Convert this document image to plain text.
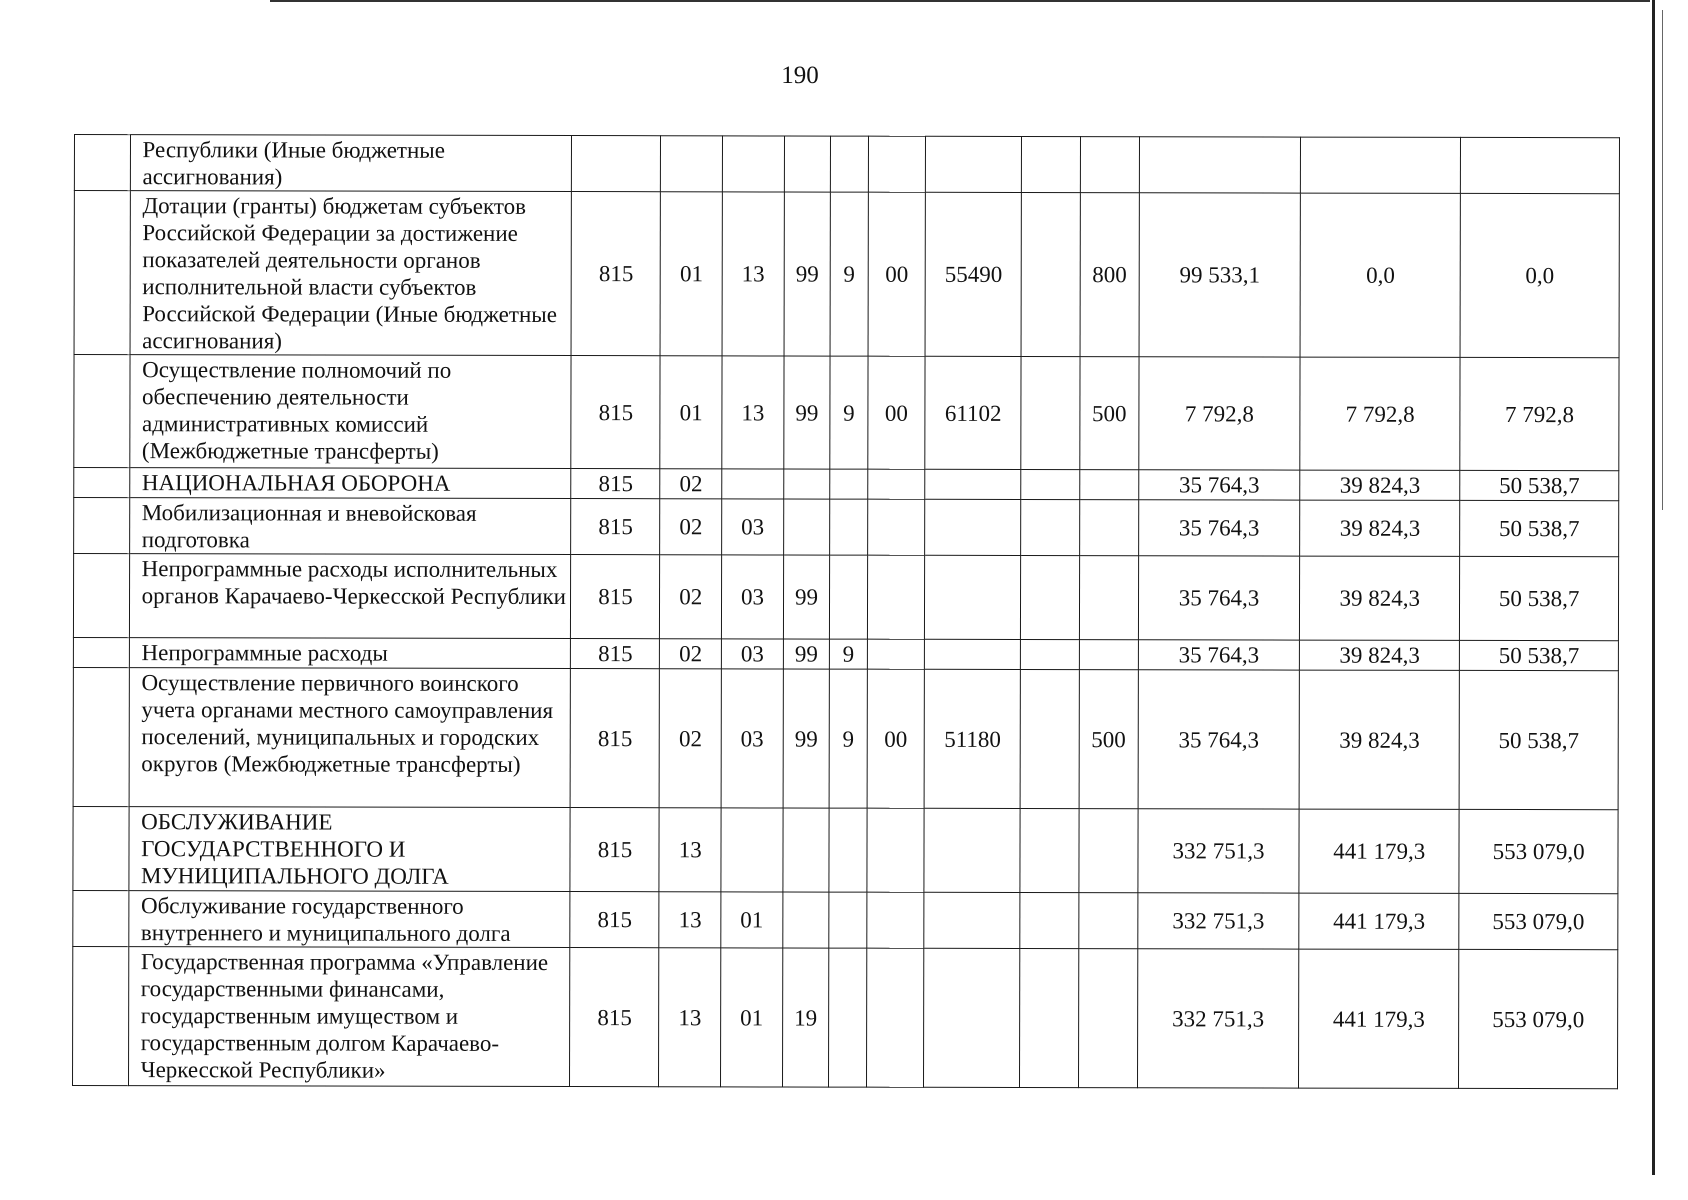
190
	Республики (Иные бюджетные ассигнования)												
	Дотации (гранты) бюджетам субъектов Российской Федерации за достижение показателей деятельности органов исполнительной власти субъектов Российской Федерации (Иные бюджетные ассигнования)	815	01	13	99	9	00	55490		800	99 533,1	0,0	0,0
	Осуществление полномочий по обеспечению деятельности административных комиссий (Межбюджетные трансферты)	815	01	13	99	9	00	61102		500	7 792,8	7 792,8	7 792,8
	НАЦИОНАЛЬНАЯ ОБОРОНА	815	02								35 764,3	39 824,3	50 538,7
	Мобилизационная и вневойсковая подготовка	815	02	03							35 764,3	39 824,3	50 538,7
	Непрограммные расходы исполнительных органов Карачаево-Черкесской Республики	815	02	03	99						35 764,3	39 824,3	50 538,7
	Непрограммные расходы	815	02	03	99	9					35 764,3	39 824,3	50 538,7
	Осуществление первичного воинского учета органами местного самоуправления поселений, муниципальных и городских округов (Межбюджетные трансферты)	815	02	03	99	9	00	51180		500	35 764,3	39 824,3	50 538,7
	ОБСЛУЖИВАНИЕ ГОСУДАРСТВЕННОГО И МУНИЦИПАЛЬНОГО ДОЛГА	815	13								332 751,3	441 179,3	553 079,0
	Обслуживание государственного внутреннего и муниципального долга	815	13	01							332 751,3	441 179,3	553 079,0
	Государственная программа «Управление государственными финансами, государственным имуществом и государственным долгом Карачаево-Черкесской Республики»	815	13	01	19						332 751,3	441 179,3	553 079,0
